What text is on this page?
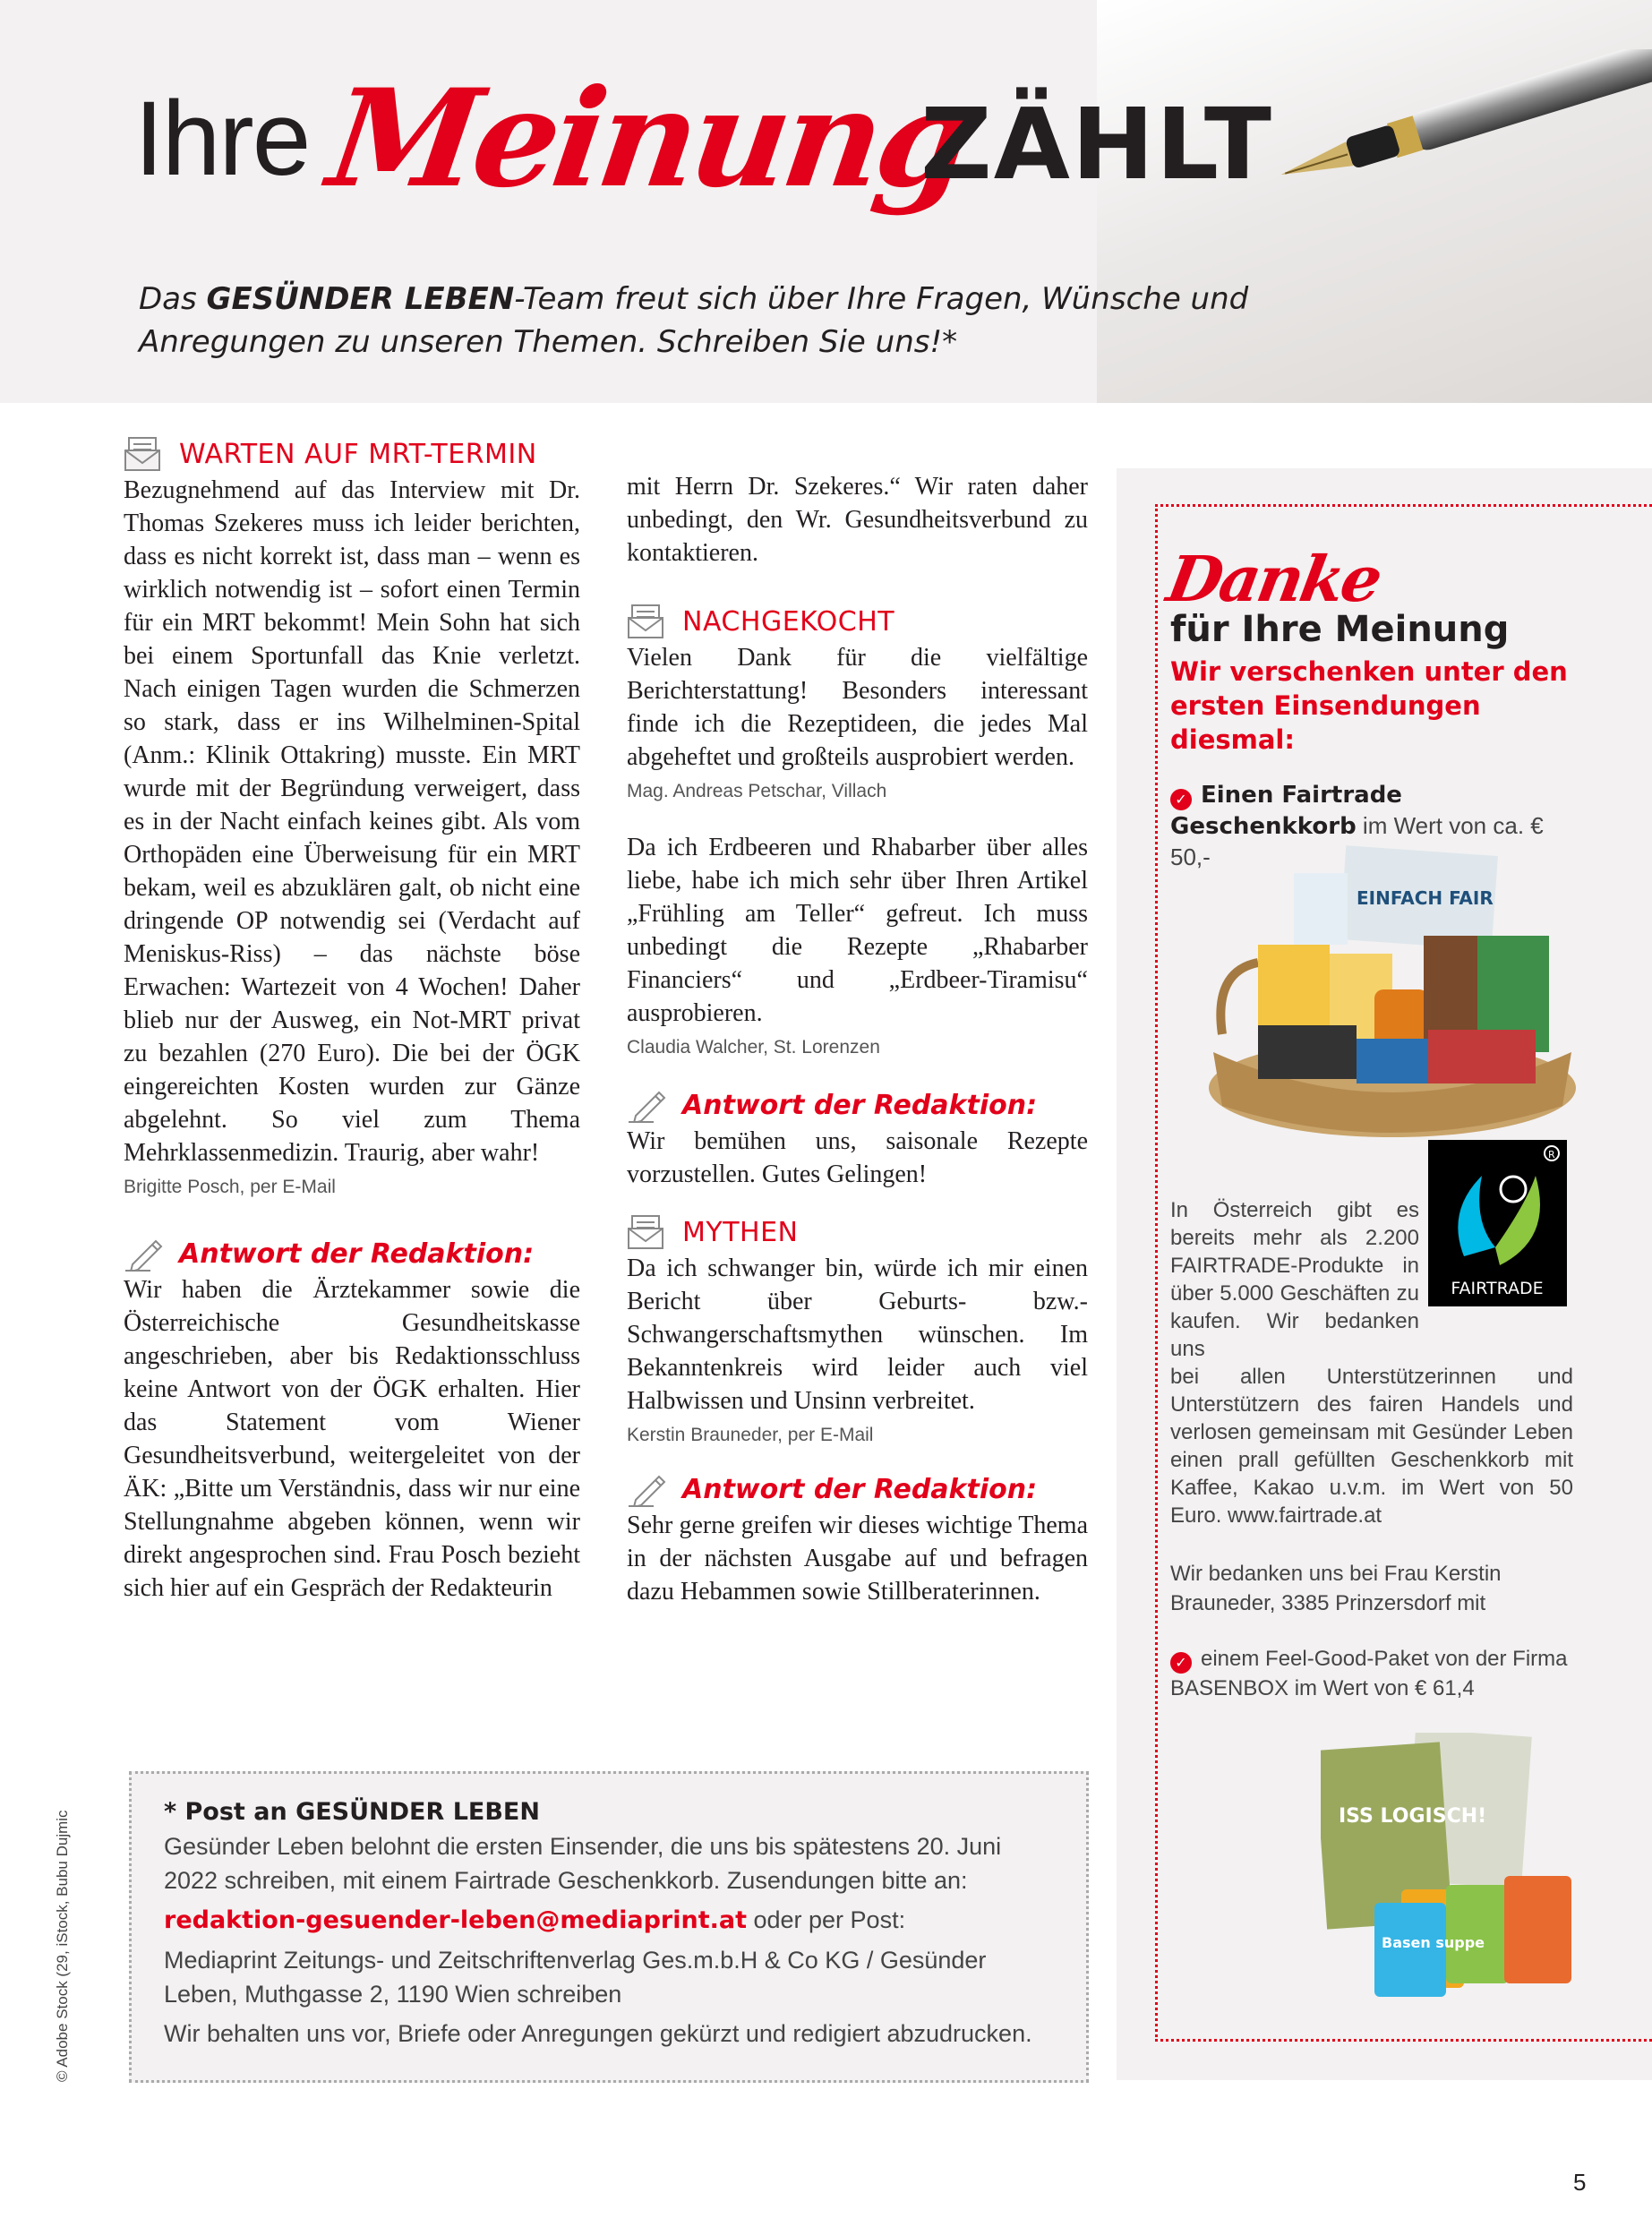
Ihre Meinung
ZÄHLT
Das GESÜNDER LEBEN-Team freut sich über Ihre Fragen, Wünsche und Anregungen zu unseren Themen. Schreiben Sie uns!*
WARTEN AUF MRT-TERMIN

Bezugnehmend auf das Interview mit Dr. Thomas Szekeres muss ich leider berichten, dass es nicht korrekt ist, dass man – wenn es wirklich notwendig ist – sofort einen Termin für ein MRT bekommt! Mein Sohn hat sich bei einem Sportunfall das Knie verletzt. Nach einigen Tagen wurden die Schmerzen so stark, dass er ins Wilhelminen-Spital (Anm.: Klinik Ottakring) musste. Ein MRT wurde mit der Begründung verweigert, dass es in der Nacht einfach keines gibt. Als vom Orthopäden eine Überweisung für ein MRT bekam, weil es abzuklären galt, ob nicht eine dringende OP notwendig sei (Verdacht auf Meniskus-Riss) – das nächste böse Erwachen: Wartezeit von 4 Wochen! Daher blieb nur der Ausweg, ein Not-MRT privat zu bezahlen (270 Euro). Die bei der ÖGK eingereichten Kosten wurden zur Gänze abgelehnt. So viel zum Thema Mehrklassenmedizin. Traurig, aber wahr!

Brigitte Posch, per E-Mail

Antwort der Redaktion:

Wir haben die Ärztekammer sowie die Österreichische Gesundheitskasse angeschrieben, aber bis Redaktionsschluss keine Antwort von der ÖGK erhalten. Hier das Statement vom Wiener Gesundheitsverbund, weitergeleitet von der ÄK: „Bitte um Verständnis, dass wir nur eine Stellungnahme abgeben können, wenn wir direkt angesprochen sind. Frau Posch bezieht sich hier auf ein Gespräch der Redakteurin

mit Herrn Dr. Szekeres.“ Wir raten daher unbedingt, den Wr. Gesundheitsverbund zu kontaktieren.

NACHGEKOCHT

Vielen Dank für die vielfältige Berichterstattung! Besonders interessant finde ich die Rezeptideen, die jedes Mal abgeheftet und großteils ausprobiert werden.

Mag. Andreas Petschar, Villach

Da ich Erdbeeren und Rhabarber über alles liebe, habe ich mich sehr über Ihren Artikel „Frühling am Teller“ gefreut. Ich muss unbedingt die Rezepte „Rhabarber Financiers“ und „Erdbeer-Tiramisu“ ausprobieren.

Claudia Walcher, St. Lorenzen

Antwort der Redaktion:

Wir bemühen uns, saisonale Rezepte vorzustellen. Gutes Gelingen!

MYTHEN

Da ich schwanger bin, würde ich mir einen Bericht über Geburts- bzw.-Schwangerschaftsmythen wünschen. Im Bekanntenkreis wird leider auch viel Halbwissen und Unsinn verbreitet.

Kerstin Brauneder, per E-Mail

Antwort der Redaktion:

Sehr gerne greifen wir dieses wichtige Thema in der nächsten Ausgabe auf und befragen dazu Hebammen sowie Stillberaterinnen.

* Post an GESÜNDER LEBEN
Gesünder Leben belohnt die ersten Einsender, die uns bis spätestens 20. Juni 2022 schreiben, mit einem Fairtrade Geschenkkorb. Zusendungen bitte an:
redaktion-gesuender-leben@mediaprint.at oder per Post:
Mediaprint Zeitungs- und Zeitschriftenverlag Ges.m.b.H & Co KG / Gesünder Leben, Muthgasse 2, 1190 Wien schreiben
Wir behalten uns vor, Briefe oder Anregungen gekürzt und redigiert abzudrucken.
© Adobe Stock (29, iStock, Bubu Dujmic
Danke
für Ihre Meinung
Wir verschenken unter den ersten Einsendungen diesmal:
✓ Einen Fairtrade Geschenkkorb im Wert von ca. € 50,-
EINFACH FAIR
R
FAIRTRADE
In Österreich gibt es bereits mehr als 2.200 FAIRTRADE-Produkte in über 5.000 Geschäften zu kaufen. Wir bedanken uns
bei allen Unterstützerinnen und Unterstützern des fairen Handels und verlosen gemeinsam mit Gesünder Leben einen prall gefüllten Geschenkkorb mit Kaffee, Kakao u.v.m. im Wert von 50 Euro. www.fairtrade.at
Wir bedanken uns bei Frau Kerstin Brauneder, 3385 Prinzersdorf mit
✓ einem Feel-Good-Paket von der Firma BASENBOX im Wert von € 61,4
ISS LOGISCH!
Basen suppe
5
